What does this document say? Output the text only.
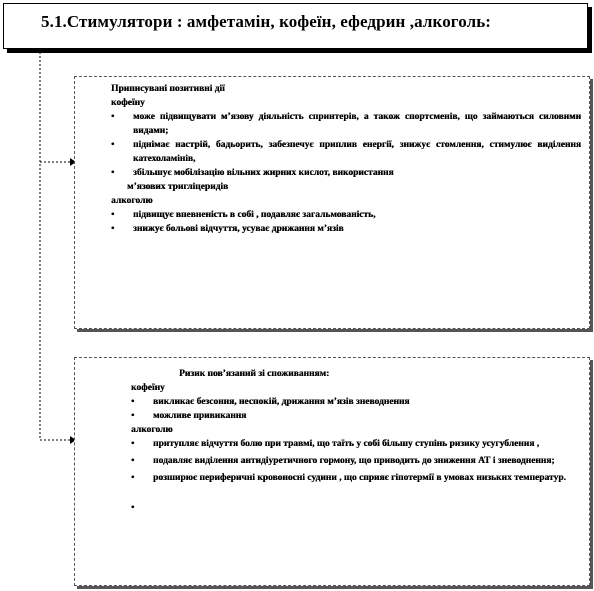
5.1.Стимулятори : амфетамін, кофеїн, ефедрин ,алкоголь:

Приписувані позитивні дії

кофеїну

• може підвищувати м’язову діяльність спринтерів, а також спортсменів, що займаються силовими видами;
• піднімає настрій, бадьорить, забезпечує приплив енергії, знижує стомлення, стимулює виділення катехоламінів,
• збільшує мобілізацію вільних жирних кислот, використання

м’язових тригліцеридів

алкоголю

• підвищує впевненість в собі , подавляє загальмованість,
• знижує больові відчуття, усуває дрижання м’язів

Ризик пов’язаний зі споживанням:

кофеїну

• викликає безсоння, неспокій, дрижання м’язів зневоднення
• можливе привикання

алкоголю

• притупляє відчуття болю при травмі, що таїть у собі більшу ступінь ризику усугубления ,
• подавляє виділення антидіуретичного гормону, що приводить до зниження АТ і зневоднення;
• розширює периферичні кровоносні судини , що сприяє гіпотермії в умовах низьких температур.
•
